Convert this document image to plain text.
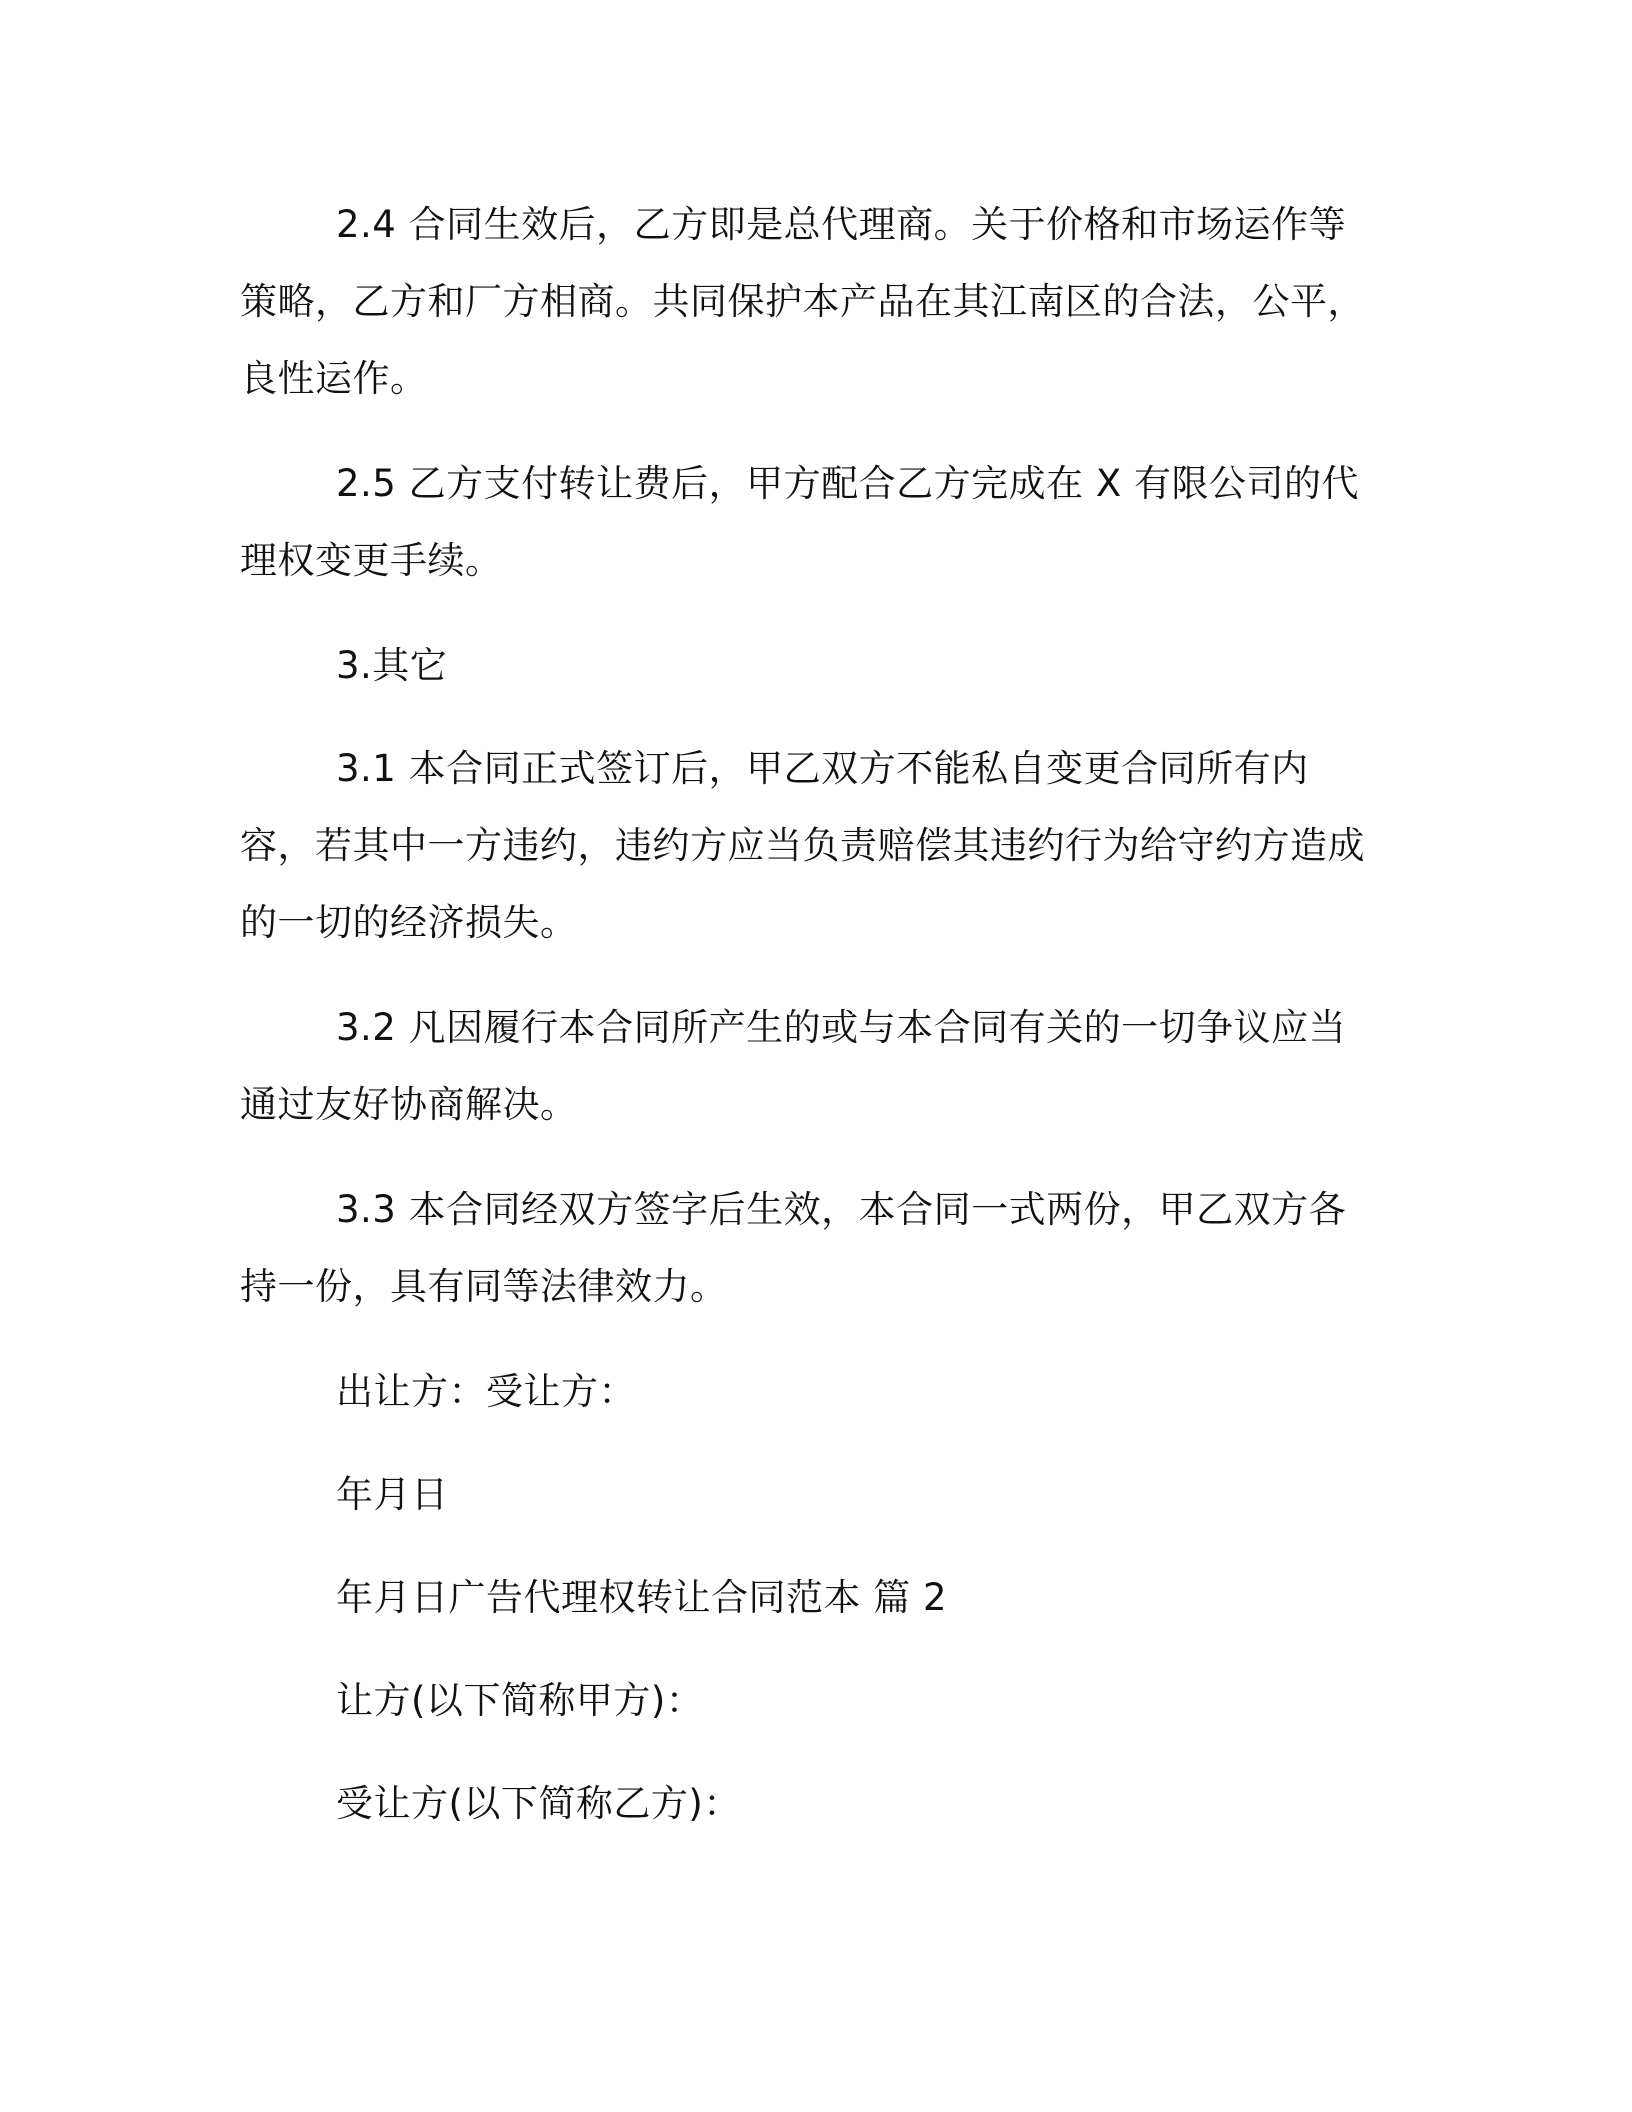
2.4 合同生效后，乙方即是总代理商。关于价格和市场运作等策略，乙方和厂方相商。共同保护本产品在其江南区的合法，公平，良性运作。

2.5 乙方支付转让费后，甲方配合乙方完成在 X 有限公司的代理权变更手续。

3.其它

3.1 本合同正式签订后，甲乙双方不能私自变更合同所有内容，若其中一方违约，违约方应当负责赔偿其违约行为给守约方造成的一切的经济损失。

3.2 凡因履行本合同所产生的或与本合同有关的一切争议应当通过友好协商解决。

3.3 本合同经双方签字后生效，本合同一式两份，甲乙双方各持一份，具有同等法律效力。

出让方：受让方：

年月日

年月日广告代理权转让合同范本 篇 2

让方(以下简称甲方)：

受让方(以下简称乙方)：
